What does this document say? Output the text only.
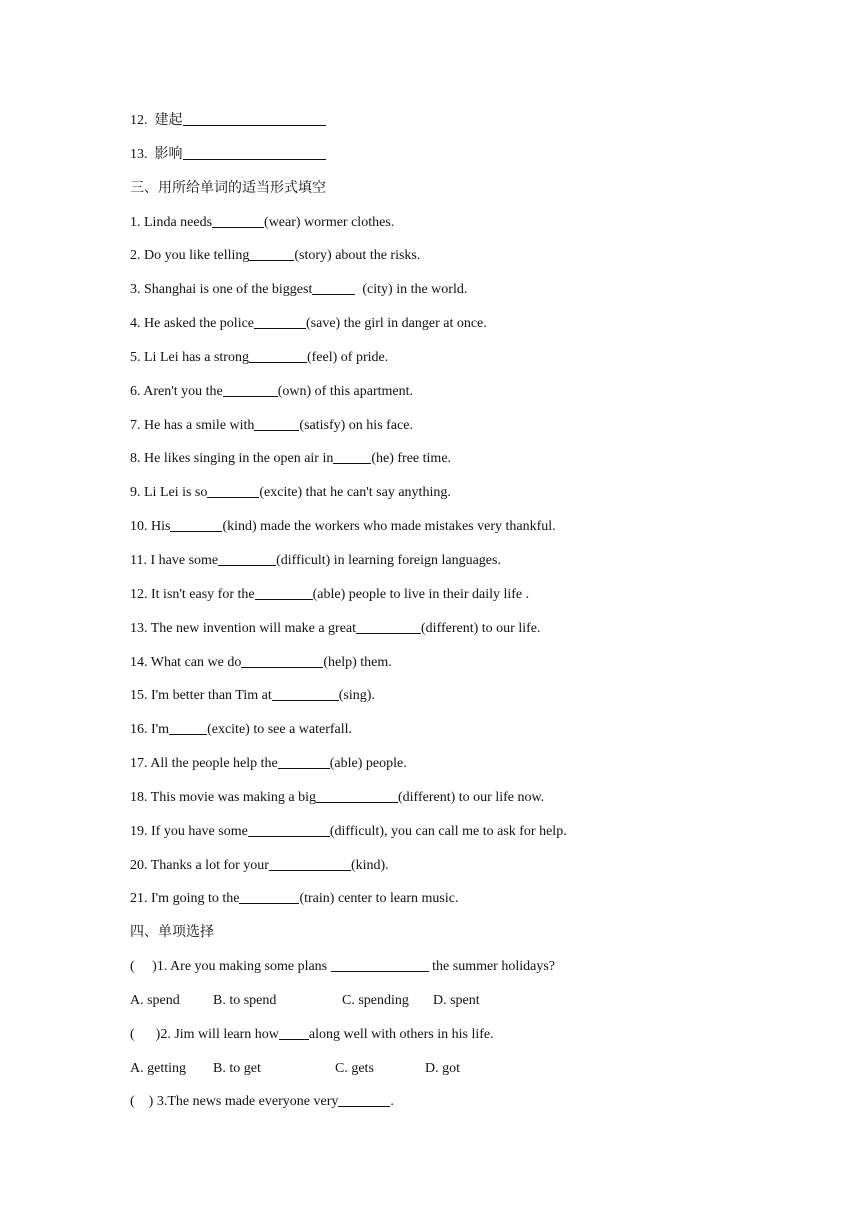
12. 建起
13. 影响
三、用所给单词的适当形式填空
1. Linda needs	(wear) wormer clothes.
2. Do you like telling	(story) about the risks.
3. Shanghai is one of the biggest	(city) in the world.
4. He asked the police	(save) the girl in danger at once.
5. Li Lei has a strong	(feel) of pride.
6. Aren't you the	(own) of this apartment.
7. He has a smile with	(satisfy) on his face.
8. He likes singing in the open air in	(he) free time.
9. Li Lei is so	(excite) that he can't say anything.
10. His	(kind) made the workers who made mistakes very thankful.
11. I have some	(difficult) in learning foreign languages.
12. It isn't easy for the	(able) people to live in their daily life .
13. The new invention will make a great	(different) to our life.
14. What can we do	(help) them.
15. I'm better than Tim at	(sing).
16. I'm	(excite) to see a waterfall.
17. All the people help the	(able) people.
18. This movie was making a big	(different) to our life now.
19. If you have some	(difficult), you can call me to ask for help.
20. Thanks a lot for your	(kind).
21. I'm going to the	(train) center to learn music.
四、单项选择
(     )1. Are you making some plans	the summer holidays?
A. spend	B. to spend	C. spending	D. spent
(      )2. Jim will learn how along well with others in his life.
A. getting	B. to get	C. gets	D. got
(    ) 3.The news made everyone very	.
